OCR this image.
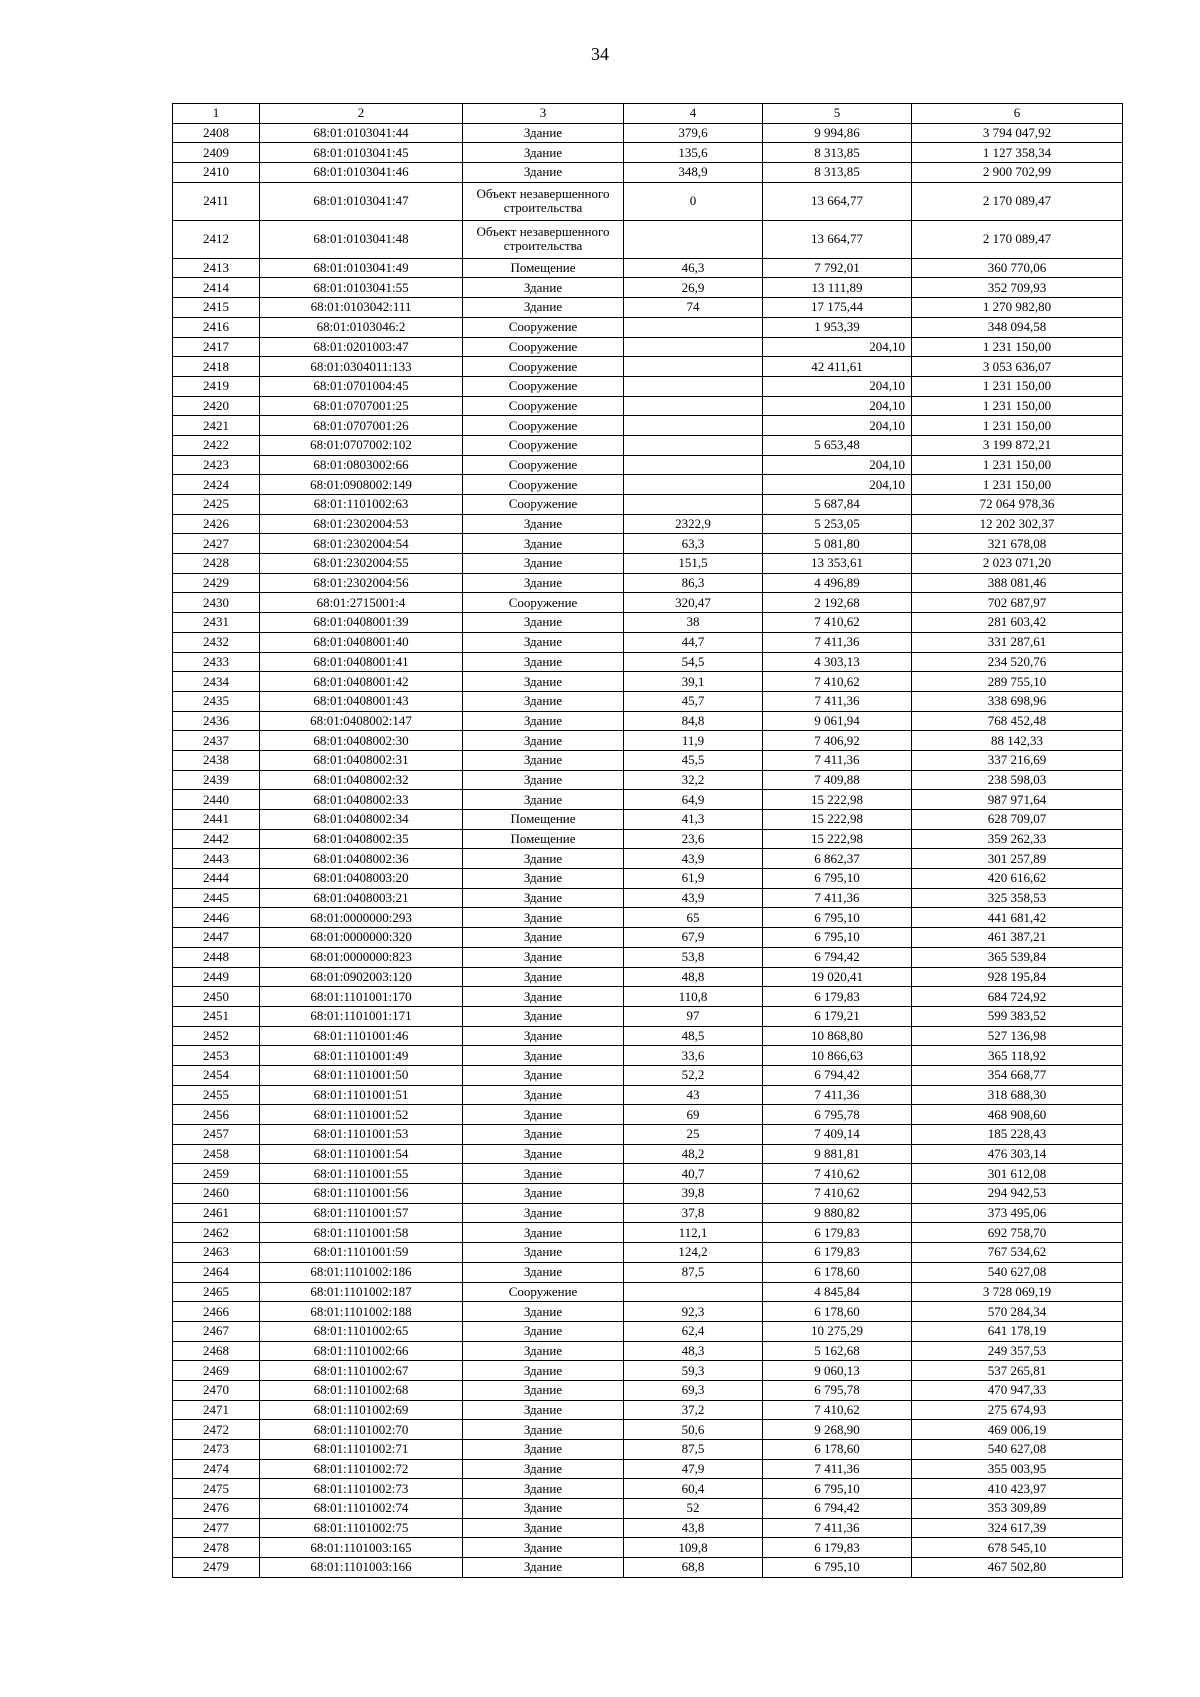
34
1	2	3	4	5	6
2408	68:01:0103041:44	Здание	379,6	9 994,86	3 794 047,92
2409	68:01:0103041:45	Здание	135,6	8 313,85	1 127 358,34
2410	68:01:0103041:46	Здание	348,9	8 313,85	2 900 702,99
2411	68:01:0103041:47	Объект незавершенного строительства	0	13 664,77	2 170 089,47
2412	68:01:0103041:48	Объект незавершенного строительства		13 664,77	2 170 089,47
2413	68:01:0103041:49	Помещение	46,3	7 792,01	360 770,06
2414	68:01:0103041:55	Здание	26,9	13 111,89	352 709,93
2415	68:01:0103042:111	Здание	74	17 175,44	1 270 982,80
2416	68:01:0103046:2	Сооружение		1 953,39	348 094,58
2417	68:01:0201003:47	Сооружение		204,10	1 231 150,00
2418	68:01:0304011:133	Сооружение		42 411,61	3 053 636,07
2419	68:01:0701004:45	Сооружение		204,10	1 231 150,00
2420	68:01:0707001:25	Сооружение		204,10	1 231 150,00
2421	68:01:0707001:26	Сооружение		204,10	1 231 150,00
2422	68:01:0707002:102	Сооружение		5 653,48	3 199 872,21
2423	68:01:0803002:66	Сооружение		204,10	1 231 150,00
2424	68:01:0908002:149	Сооружение		204,10	1 231 150,00
2425	68:01:1101002:63	Сооружение		5 687,84	72 064 978,36
2426	68:01:2302004:53	Здание	2322,9	5 253,05	12 202 302,37
2427	68:01:2302004:54	Здание	63,3	5 081,80	321 678,08
2428	68:01:2302004:55	Здание	151,5	13 353,61	2 023 071,20
2429	68:01:2302004:56	Здание	86,3	4 496,89	388 081,46
2430	68:01:2715001:4	Сооружение	320,47	2 192,68	702 687,97
2431	68:01:0408001:39	Здание	38	7 410,62	281 603,42
2432	68:01:0408001:40	Здание	44,7	7 411,36	331 287,61
2433	68:01:0408001:41	Здание	54,5	4 303,13	234 520,76
2434	68:01:0408001:42	Здание	39,1	7 410,62	289 755,10
2435	68:01:0408001:43	Здание	45,7	7 411,36	338 698,96
2436	68:01:0408002:147	Здание	84,8	9 061,94	768 452,48
2437	68:01:0408002:30	Здание	11,9	7 406,92	88 142,33
2438	68:01:0408002:31	Здание	45,5	7 411,36	337 216,69
2439	68:01:0408002:32	Здание	32,2	7 409,88	238 598,03
2440	68:01:0408002:33	Здание	64,9	15 222,98	987 971,64
2441	68:01:0408002:34	Помещение	41,3	15 222,98	628 709,07
2442	68:01:0408002:35	Помещение	23,6	15 222,98	359 262,33
2443	68:01:0408002:36	Здание	43,9	6 862,37	301 257,89
2444	68:01:0408003:20	Здание	61,9	6 795,10	420 616,62
2445	68:01:0408003:21	Здание	43,9	7 411,36	325 358,53
2446	68:01:0000000:293	Здание	65	6 795,10	441 681,42
2447	68:01:0000000:320	Здание	67,9	6 795,10	461 387,21
2448	68:01:0000000:823	Здание	53,8	6 794,42	365 539,84
2449	68:01:0902003:120	Здание	48,8	19 020,41	928 195,84
2450	68:01:1101001:170	Здание	110,8	6 179,83	684 724,92
2451	68:01:1101001:171	Здание	97	6 179,21	599 383,52
2452	68:01:1101001:46	Здание	48,5	10 868,80	527 136,98
2453	68:01:1101001:49	Здание	33,6	10 866,63	365 118,92
2454	68:01:1101001:50	Здание	52,2	6 794,42	354 668,77
2455	68:01:1101001:51	Здание	43	7 411,36	318 688,30
2456	68:01:1101001:52	Здание	69	6 795,78	468 908,60
2457	68:01:1101001:53	Здание	25	7 409,14	185 228,43
2458	68:01:1101001:54	Здание	48,2	9 881,81	476 303,14
2459	68:01:1101001:55	Здание	40,7	7 410,62	301 612,08
2460	68:01:1101001:56	Здание	39,8	7 410,62	294 942,53
2461	68:01:1101001:57	Здание	37,8	9 880,82	373 495,06
2462	68:01:1101001:58	Здание	112,1	6 179,83	692 758,70
2463	68:01:1101001:59	Здание	124,2	6 179,83	767 534,62
2464	68:01:1101002:186	Здание	87,5	6 178,60	540 627,08
2465	68:01:1101002:187	Сооружение		4 845,84	3 728 069,19
2466	68:01:1101002:188	Здание	92,3	6 178,60	570 284,34
2467	68:01:1101002:65	Здание	62,4	10 275,29	641 178,19
2468	68:01:1101002:66	Здание	48,3	5 162,68	249 357,53
2469	68:01:1101002:67	Здание	59,3	9 060,13	537 265,81
2470	68:01:1101002:68	Здание	69,3	6 795,78	470 947,33
2471	68:01:1101002:69	Здание	37,2	7 410,62	275 674,93
2472	68:01:1101002:70	Здание	50,6	9 268,90	469 006,19
2473	68:01:1101002:71	Здание	87,5	6 178,60	540 627,08
2474	68:01:1101002:72	Здание	47,9	7 411,36	355 003,95
2475	68:01:1101002:73	Здание	60,4	6 795,10	410 423,97
2476	68:01:1101002:74	Здание	52	6 794,42	353 309,89
2477	68:01:1101002:75	Здание	43,8	7 411,36	324 617,39
2478	68:01:1101003:165	Здание	109,8	6 179,83	678 545,10
2479	68:01:1101003:166	Здание	68,8	6 795,10	467 502,80
